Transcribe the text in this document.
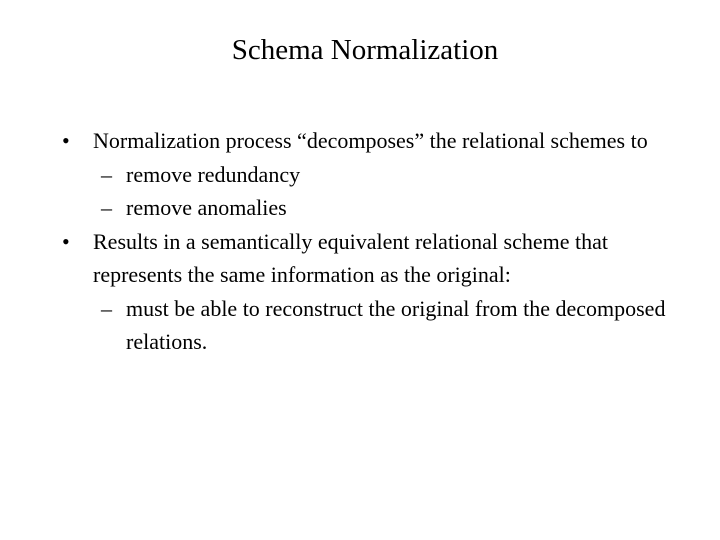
Schema Normalization
• Normalization process “decomposes” the relational schemes to
– remove redundancy
– remove anomalies
• Results in a semantically equivalent relational scheme that represents the same information as the original:
– must be able to reconstruct the original from the decomposed relations.
